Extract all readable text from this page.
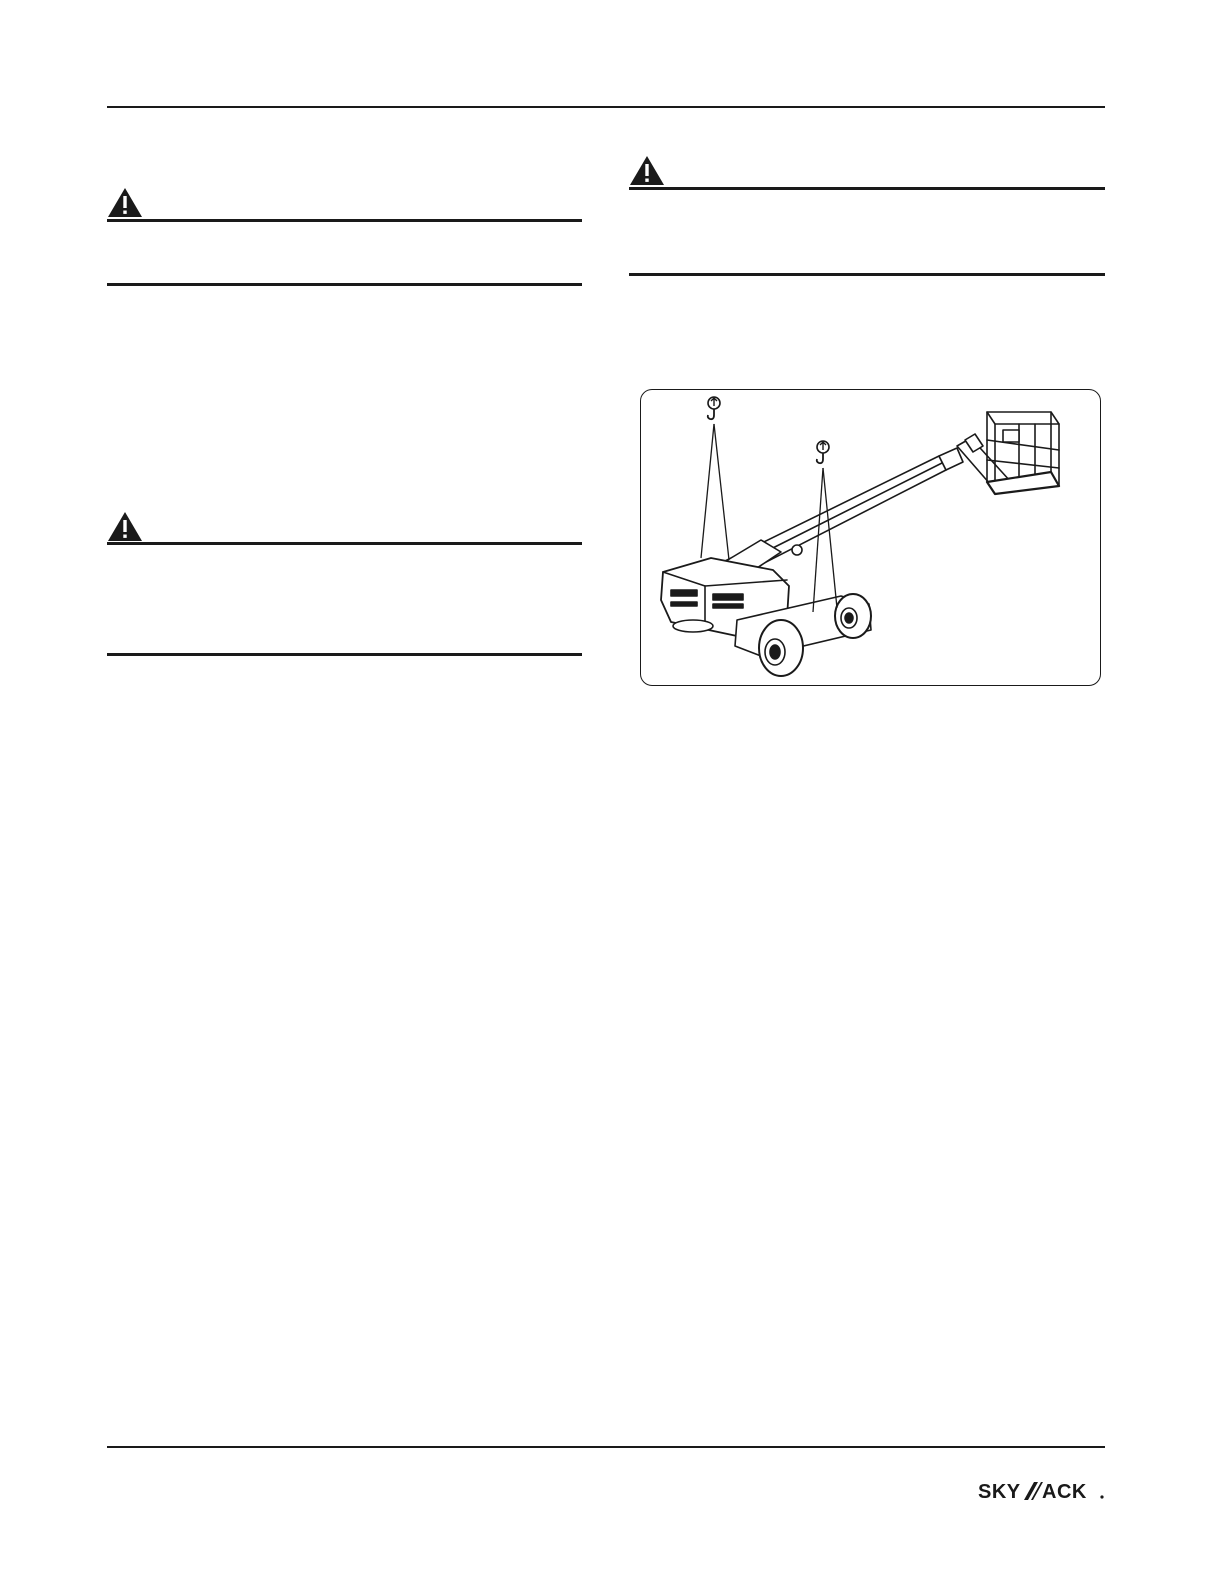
SKY ACK
